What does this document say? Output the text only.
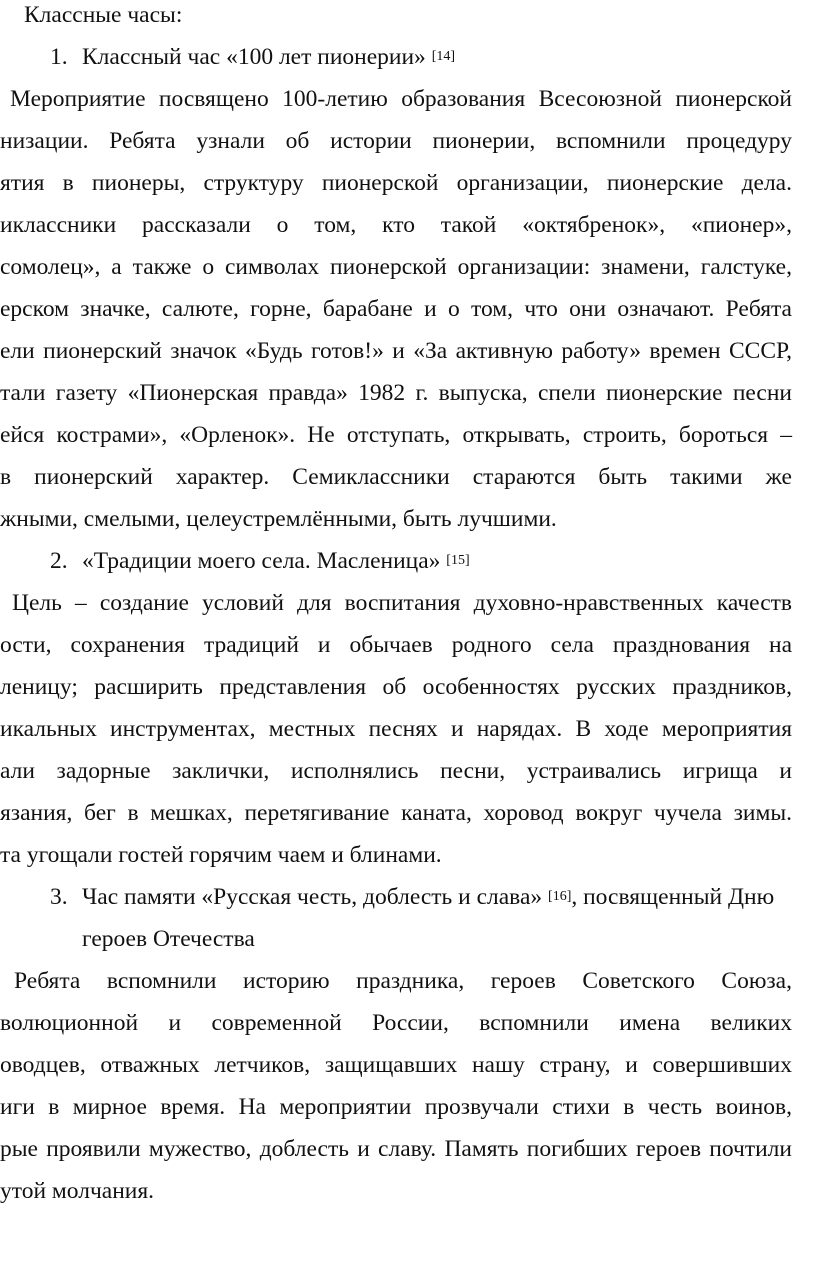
Классные часы:
1. Классный час «100 лет пионерии» [14]
Мероприятие посвящено 100-летию образования Всесоюзной пионерской
низации. Ребята узнали об истории пионерии, вспомнили процедуру
ятия в пионеры, структуру пионерской организации, пионерские дела.
иклассники рассказали о том, кто такой «октябренок», «пионер»,
сомолец», а также о символах пионерской организации: знамени, галстуке,
ерском значке, салюте, горне, барабане и о том, что они означают. Ребята
ели пионерский значок «Будь готов!» и «За активную работу» времен СССР,
тали газету «Пионерская правда» 1982 г. выпуска, спели пионерские песни
ейся кострами», «Орленок». Не отступать, открывать, строить, бороться –
в пионерский характер. Семиклассники стараются быть такими же
жными, смелыми, целеустремлёнными, быть лучшими.
2. «Традиции моего села. Масленица» [15]
Цель – создание условий для воспитания духовно-нравственных качеств
ости, сохранения традиций и обычаев родного села празднования на
леницу; расширить представления об особенностях русских праздников,
икальных инструментах, местных песнях и нарядах. В ходе мероприятия
али задорные заклички, исполнялись песни, устраивались игрища и
язания, бег в мешках, перетягивание каната, хоровод вокруг чучела зимы.
та угощали гостей горячим чаем и блинами.
3. Час памяти «Русская честь, доблесть и слава» [16], посвященный Дню
героев Отечества
Ребята вспомнили историю праздника, героев Советского Союза,
волюционной и современной России, вспомнили имена великих
оводцев, отважных летчиков, защищавших нашу страну, и совершивших
иги в мирное время. На мероприятии прозвучали стихи в честь воинов,
рые проявили мужество, доблесть и славу. Память погибших героев почтили
утой молчания.
